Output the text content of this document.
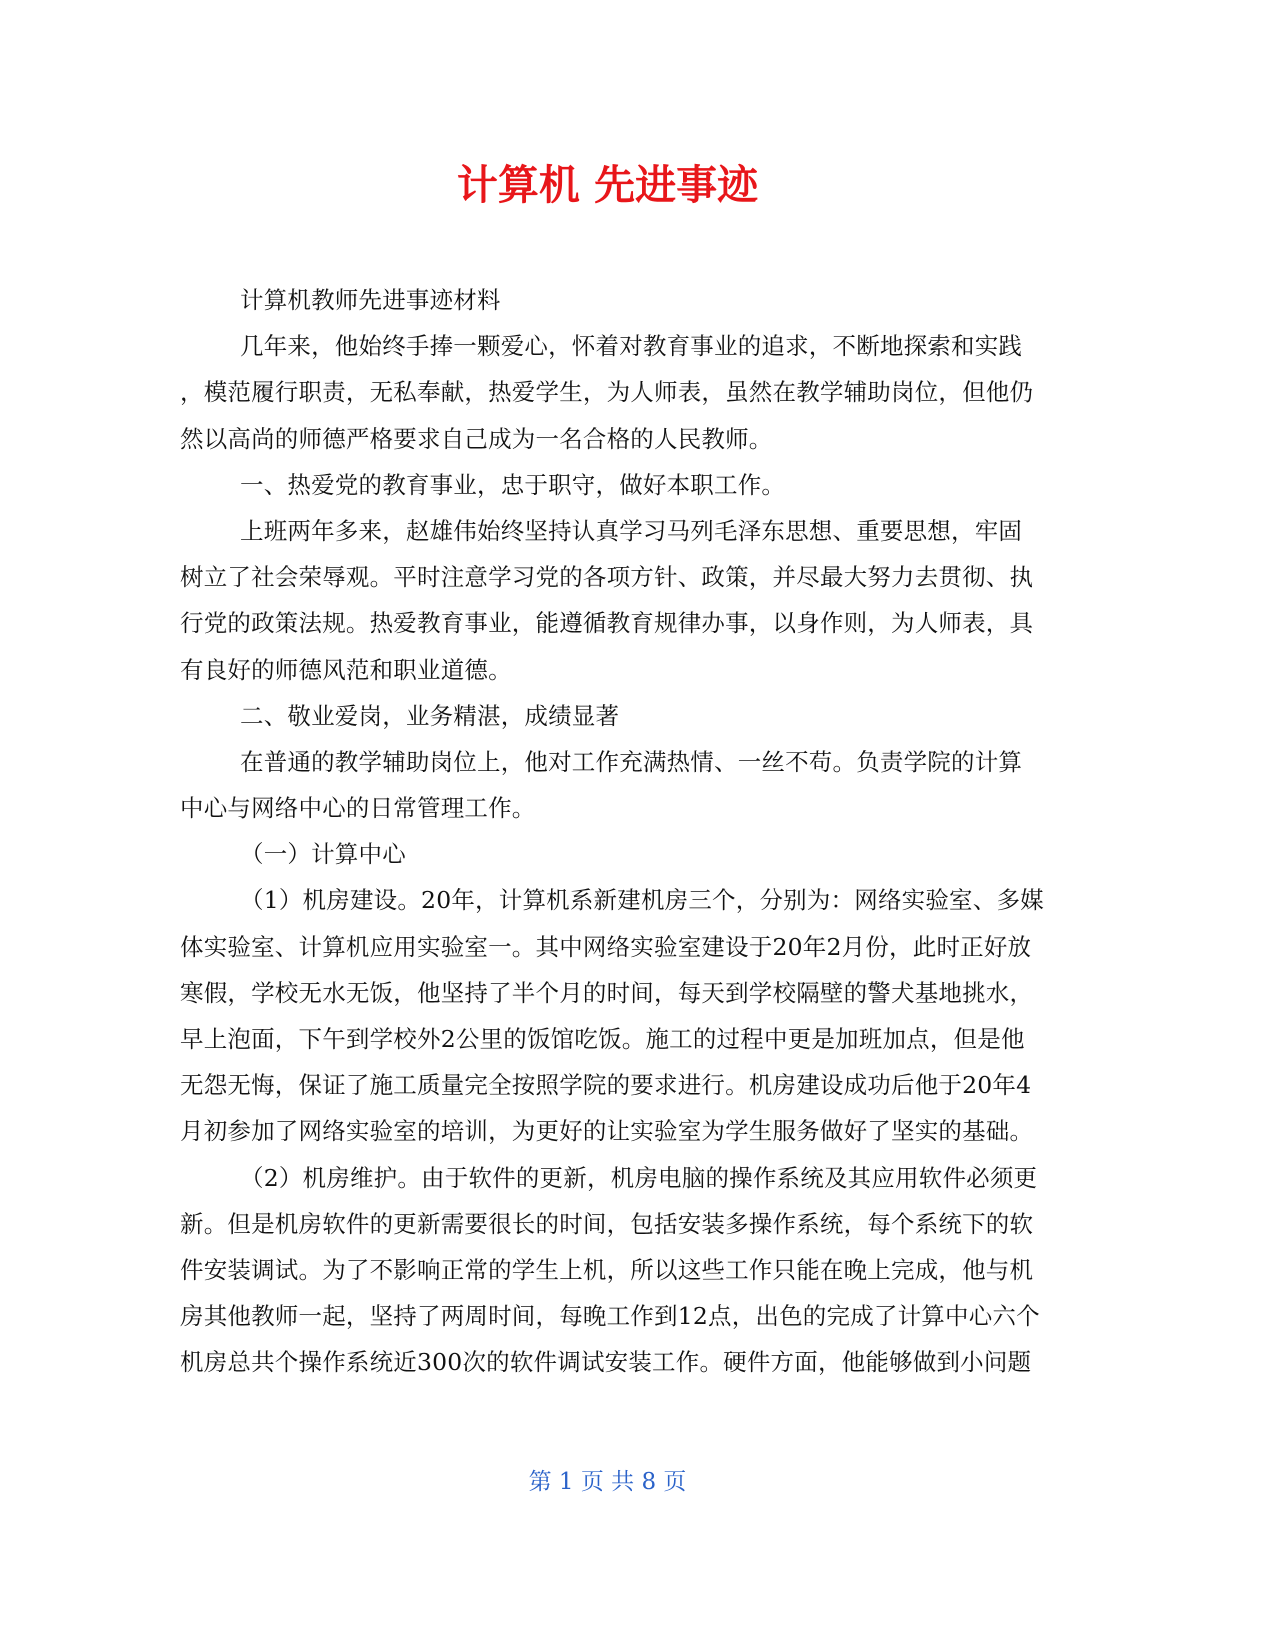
计算机 先进事迹
计算机教师先进事迹材料
几年来，他始终手捧一颗爱心，怀着对教育事业的追求，不断地探索和实践
，模范履行职责，无私奉献，热爱学生，为人师表，虽然在教学辅助岗位，但他仍
然以高尚的师德严格要求自己成为一名合格的人民教师。
一、热爱党的教育事业，忠于职守，做好本职工作。
上班两年多来，赵雄伟始终坚持认真学习马列毛泽东思想、重要思想，牢固
树立了社会荣辱观。平时注意学习党的各项方针、政策，并尽最大努力去贯彻、执
行党的政策法规。热爱教育事业，能遵循教育规律办事，以身作则，为人师表，具
有良好的师德风范和职业道德。
二、敬业爱岗，业务精湛，成绩显著
在普通的教学辅助岗位上，他对工作充满热情、一丝不苟。负责学院的计算
中心与网络中心的日常管理工作。
（一）计算中心
（1）机房建设。20年，计算机系新建机房三个，分别为：网络实验室、多媒
体实验室、计算机应用实验室一。其中网络实验室建设于20年2月份，此时正好放
寒假，学校无水无饭，他坚持了半个月的时间，每天到学校隔壁的警犬基地挑水，
早上泡面，下午到学校外2公里的饭馆吃饭。施工的过程中更是加班加点，但是他
无怨无悔，保证了施工质量完全按照学院的要求进行。机房建设成功后他于20年4
月初参加了网络实验室的培训，为更好的让实验室为学生服务做好了坚实的基础。
（2）机房维护。由于软件的更新，机房电脑的操作系统及其应用软件必须更
新。但是机房软件的更新需要很长的时间，包括安装多操作系统，每个系统下的软
件安装调试。为了不影响正常的学生上机，所以这些工作只能在晚上完成，他与机
房其他教师一起，坚持了两周时间，每晚工作到12点，出色的完成了计算中心六个
机房总共个操作系统近300次的软件调试安装工作。硬件方面，他能够做到小问题
第 1 页 共 8 页
